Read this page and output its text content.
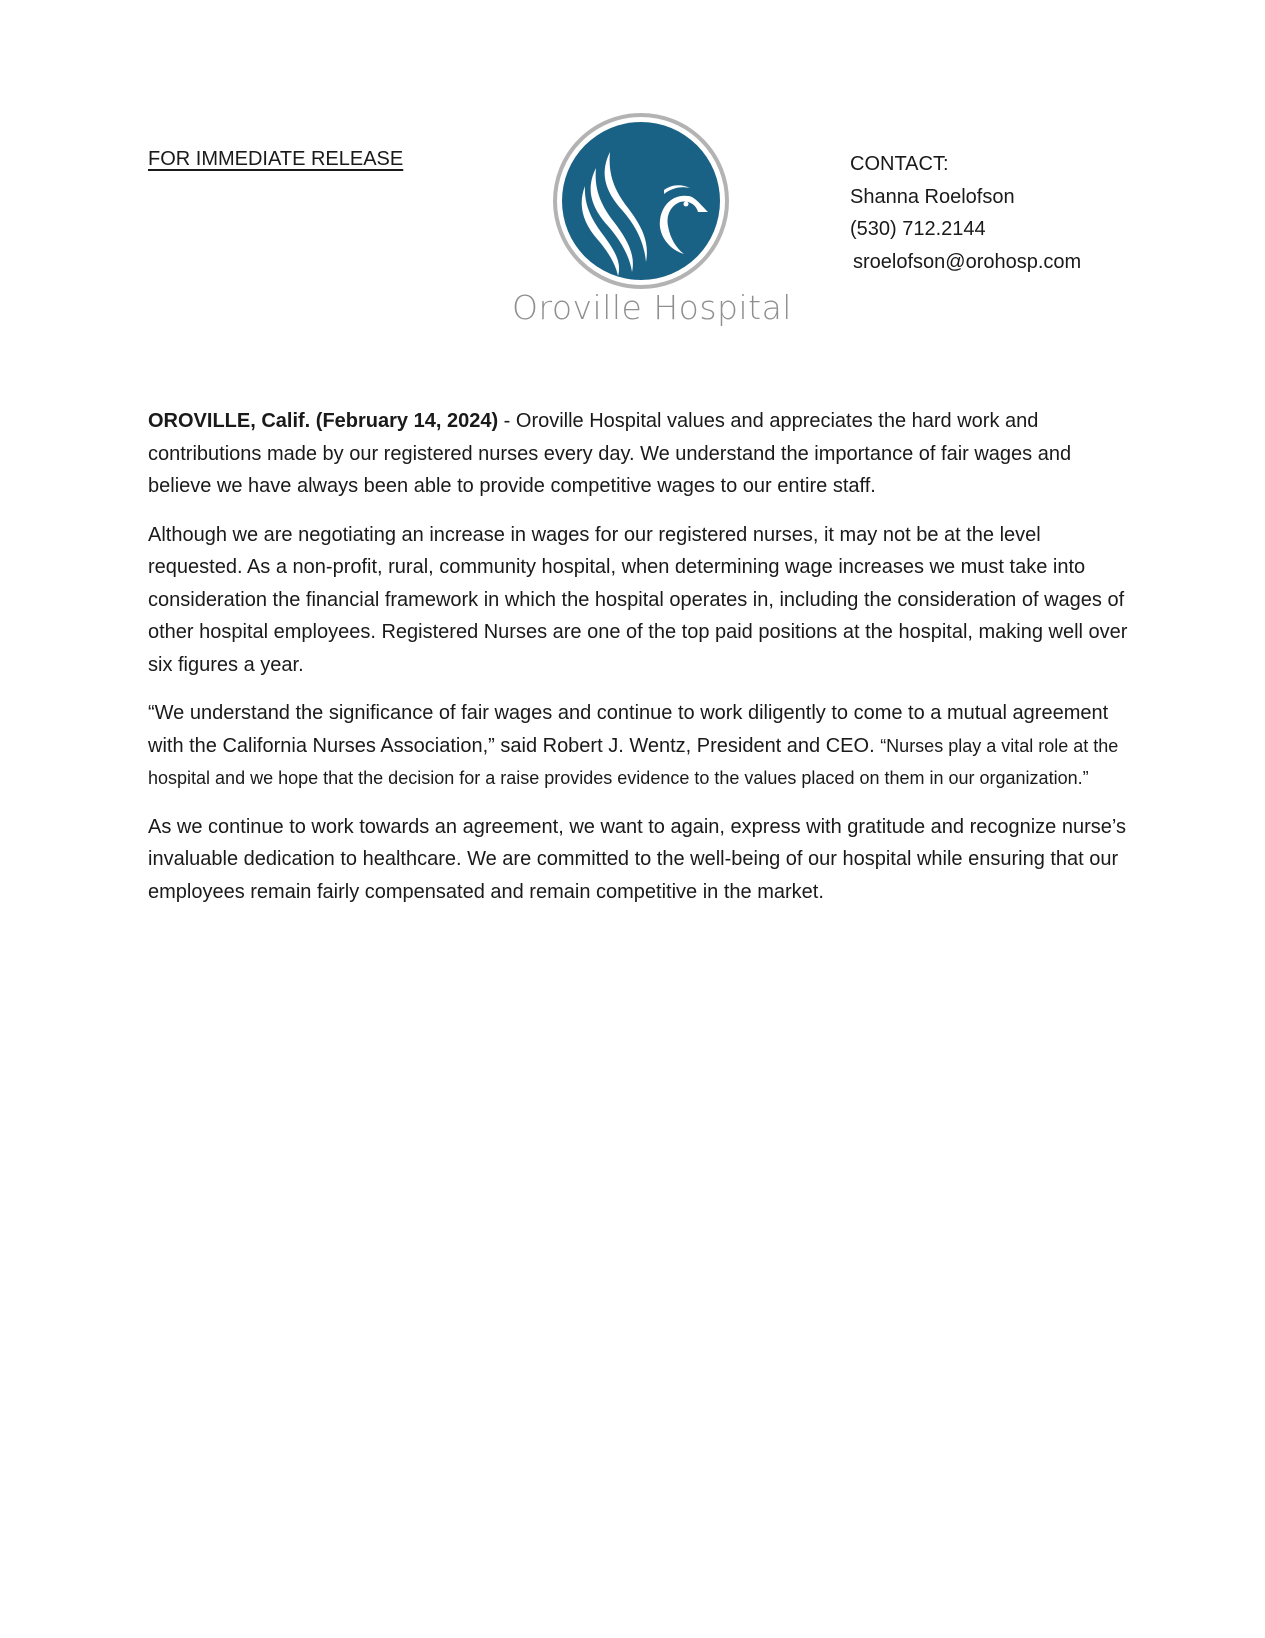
FOR IMMEDIATE RELEASE
Oroville Hospital
CONTACT:
Shanna Roelofson
(530) 712.2144
sroelofson@orohosp.com

OROVILLE, Calif. (February 14, 2024) - Oroville Hospital values and appreciates the hard work and contributions made by our registered nurses every day. We understand the importance of fair wages and believe we have always been able to provide competitive wages to our entire staff.

Although we are negotiating an increase in wages for our registered nurses, it may not be at the level requested. As a non-profit, rural, community hospital, when determining wage increases we must take into consideration the financial framework in which the hospital operates in, including the consideration of wages of other hospital employees. Registered Nurses are one of the top paid positions at the hospital, making well over six figures a year.

“We understand the significance of fair wages and continue to work diligently to come to a mutual agreement with the California Nurses Association,” said Robert J. Wentz, President and CEO. “Nurses play a vital role at the hospital and we hope that the decision for a raise provides evidence to the values placed on them in our organization.”

As we continue to work towards an agreement, we want to again, express with gratitude and recognize nurse’s invaluable dedication to healthcare. We are committed to the well-being of our hospital while ensuring that our employees remain fairly compensated and remain competitive in the market.
